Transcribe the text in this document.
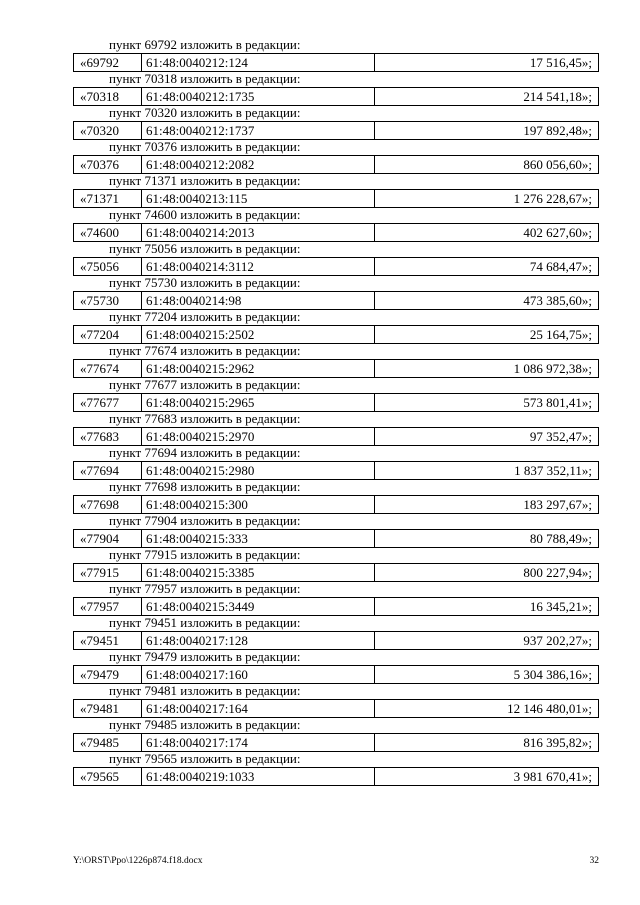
пункт 69792 изложить в редакции:
«69792	61:48:0040212:124	17 516,45»;
пункт 70318 изложить в редакции:
«70318	61:48:0040212:1735	214 541,18»;
пункт 70320 изложить в редакции:
«70320	61:48:0040212:1737	197 892,48»;
пункт 70376 изложить в редакции:
«70376	61:48:0040212:2082	860 056,60»;
пункт 71371 изложить в редакции:
«71371	61:48:0040213:115	1 276 228,67»;
пункт 74600 изложить в редакции:
«74600	61:48:0040214:2013	402 627,60»;
пункт 75056 изложить в редакции:
«75056	61:48:0040214:3112	74 684,47»;
пункт 75730 изложить в редакции:
«75730	61:48:0040214:98	473 385,60»;
пункт 77204 изложить в редакции:
«77204	61:48:0040215:2502	25 164,75»;
пункт 77674 изложить в редакции:
«77674	61:48:0040215:2962	1 086 972,38»;
пункт 77677 изложить в редакции:
«77677	61:48:0040215:2965	573 801,41»;
пункт 77683 изложить в редакции:
«77683	61:48:0040215:2970	97 352,47»;
пункт 77694 изложить в редакции:
«77694	61:48:0040215:2980	1 837 352,11»;
пункт 77698 изложить в редакции:
«77698	61:48:0040215:300	183 297,67»;
пункт 77904 изложить в редакции:
«77904	61:48:0040215:333	80 788,49»;
пункт 77915 изложить в редакции:
«77915	61:48:0040215:3385	800 227,94»;
пункт 77957 изложить в редакции:
«77957	61:48:0040215:3449	16 345,21»;
пункт 79451 изложить в редакции:
«79451	61:48:0040217:128	937 202,27»;
пункт 79479 изложить в редакции:
«79479	61:48:0040217:160	5 304 386,16»;
пункт 79481 изложить в редакции:
«79481	61:48:0040217:164	12 146 480,01»;
пункт 79485 изложить в редакции:
«79485	61:48:0040217:174	816 395,82»;
пункт 79565 изложить в редакции:
«79565	61:48:0040219:1033	3 981 670,41»;
Y:\ORST\Ppo\1226p874.f18.docx	32
